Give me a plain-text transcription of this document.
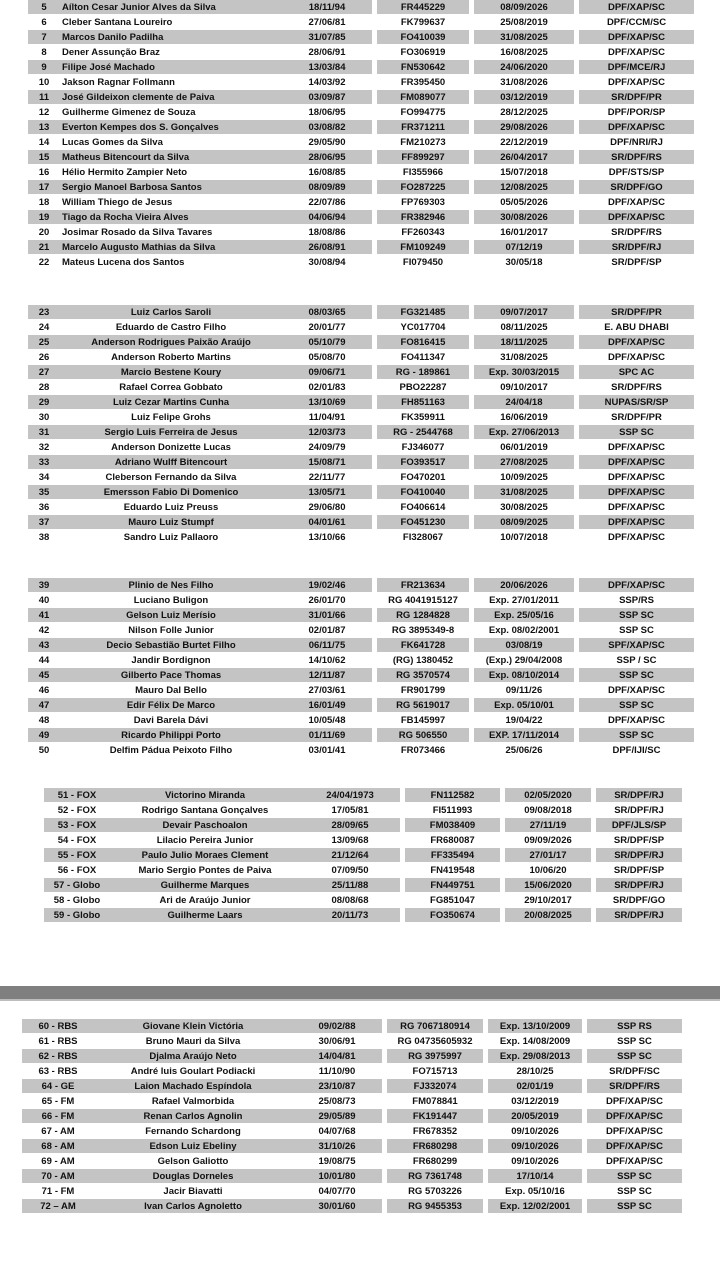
5	Aílton Cesar Junior Alves da Silva	18/11/94		FR445229		08/09/2026		DPF/XAP/SC
6	Cleber Santana Loureiro	27/06/81		FK799637		25/08/2019		DPF/CCM/SC
7	Marcos Danilo Padilha	31/07/85		FO410039		31/08/2025		DPF/XAP/SC
8	Dener Assunção Braz	28/06/91		FO306919		16/08/2025		DPF/XAP/SC
9	Filipe José Machado	13/03/84		FN530642		24/06/2020		DPF/MCE/RJ
10	Jakson Ragnar Follmann	14/03/92		FR395450		31/08/2026		DPF/XAP/SC
11	José Gildeixon clemente de Paiva	03/09/87		FM089077		03/12/2019		SR/DPF/PR
12	Guilherme Gimenez de Souza	18/06/95		FO994775		28/12/2025		DPF/POR/SP
13	Everton Kempes dos S. Gonçalves	03/08/82		FR371211		29/08/2026		DPF/XAP/SC
14	Lucas Gomes da Silva	29/05/90		FM210273		22/12/2019		DPF/NRI/RJ
15	Matheus Bitencourt da Silva	28/06/95		FF899297		26/04/2017		SR/DPF/RS
16	Hélio Hermito Zampier Neto	16/08/85		FI355966		15/07/2018		DPF/STS/SP
17	Sergio Manoel Barbosa Santos	08/09/89		FO287225		12/08/2025		SR/DPF/GO
18	William Thiego de Jesus	22/07/86		FP769303		05/05/2026		DPF/XAP/SC
19	Tiago da Rocha Vieira Alves	04/06/94		FR382946		30/08/2026		DPF/XAP/SC
20	Josimar Rosado da Silva Tavares	18/08/86		FF260343		16/01/2017		SR/DPF/RS
21	Marcelo Augusto Mathias da Silva	26/08/91		FM109249		07/12/19		SR/DPF/RJ
22	Mateus Lucena dos Santos	30/08/94		FI079450		30/05/18		SR/DPF/SP
23	Luiz Carlos Saroli	08/03/65		FG321485		09/07/2017		SR/DPF/PR
24	Eduardo de Castro Filho	20/01/77		YC017704		08/11/2025		E. ABU DHABI
25	Anderson Rodrigues Paixão Araújo	05/10/79		FO816415		18/11/2025		DPF/XAP/SC
26	Anderson Roberto Martins	05/08/70		FO411347		31/08/2025		DPF/XAP/SC
27	Marcio Bestene Koury	09/06/71		RG - 189861		Exp. 30/03/2015		SPC AC
28	Rafael Correa Gobbato	02/01/83		PBO22287		09/10/2017		SR/DPF/RS
29	Luiz Cezar Martins Cunha	13/10/69		FH851163		24/04/18		NUPAS/SR/SP
30	Luiz Felipe Grohs	11/04/91		FK359911		16/06/2019		SR/DPF/PR
31	Sergio Luis Ferreira de Jesus	12/03/73		RG - 2544768		Exp. 27/06/2013		SSP SC
32	Anderson Donizette Lucas	24/09/79		FJ346077		06/01/2019		DPF/XAP/SC
33	Adriano Wulff Bitencourt	15/08/71		FO393517		27/08/2025		DPF/XAP/SC
34	Cleberson Fernando da Silva	22/11/77		FO470201		10/09/2025		DPF/XAP/SC
35	Emersson Fabio Di Domenico	13/05/71		FO410040		31/08/2025		DPF/XAP/SC
36	Eduardo Luiz Preuss	29/06/80		FO406614		30/08/2025		DPF/XAP/SC
37	Mauro Luiz Stumpf	04/01/61		FO451230		08/09/2025		DPF/XAP/SC
38	Sandro Luiz Pallaoro	13/10/66		FI328067		10/07/2018		DPF/XAP/SC
39	Plinio de Nes Filho	19/02/46		FR213634		20/06/2026		DPF/XAP/SC
40	Luciano Buligon	26/01/70		RG 4041915127		Exp. 27/01/2011		SSP/RS
41	Gelson Luiz Merísio	31/01/66		RG 1284828		Exp. 25/05/16		SSP SC
42	Nilson Folle Junior	02/01/87		RG 3895349-8		Exp. 08/02/2001		SSP SC
43	Decio Sebastião Burtet Filho	06/11/75		FK641728		03/08/19		SPF/XAP/SC
44	Jandir Bordignon	14/10/62		(RG) 1380452		(Exp.) 29/04/2008		SSP / SC
45	Gilberto Pace Thomas	12/11/87		RG 3570574		Exp. 08/10/2014		SSP SC
46	Mauro Dal Bello	27/03/61		FR901799		09/11/26		DPF/XAP/SC
47	Edir Félix De Marco	16/01/49		RG 5619017		Exp. 05/10/01		SSP SC
48	Davi Barela Dávi	10/05/48		FB145997		19/04/22		DPF/XAP/SC
49	Ricardo Philippi Porto	01/11/69		RG 506550		EXP. 17/11/2014		SSP SC
50	Delfim Pádua Peixoto Filho	03/01/41		FR073466		25/06/26		DPF/IJI/SC
51 - FOX	Victorino Miranda	24/04/1973		FN112582		02/05/2020		SR/DPF/RJ
52 - FOX	Rodrigo Santana Gonçalves	17/05/81		FI511993		09/08/2018		SR/DPF/RJ
53 - FOX	Devair Paschoalon	28/09/65		FM038409		27/11/19		DPF/JLS/SP
54 - FOX	Lilacio Pereira Junior	13/09/68		FR680087		09/09/2026		SR/DPF/SP
55 - FOX	Paulo Julio Moraes Clement	21/12/64		FF335494		27/01/17		SR/DPF/RJ
56 - FOX	Mario Sergio Pontes de Paiva	07/09/50		FN419548		10/06/20		SR/DPF/SP
57 - Globo	Guilherme Marques	25/11/88		FN449751		15/06/2020		SR/DPF/RJ
58 - Globo	Ari de Araújo Junior	08/08/68		FG851047		29/10/2017		SR/DPF/GO
59 - Globo	Guilherme Laars	20/11/73		FO350674		20/08/2025		SR/DPF/RJ
60 - RBS	Giovane Klein Victória	09/02/88		RG 7067180914		Exp. 13/10/2009		SSP RS
61 - RBS	Bruno Mauri da Silva	30/06/91		RG 04735605932		Exp. 14/08/2009		SSP SC
62 - RBS	Djalma Araújo Neto	14/04/81		RG 3975997		Exp. 29/08/2013		SSP SC
63 - RBS	André luis Goulart Podiacki	11/10/90		FO715713		28/10/25		SR/DPF/SC
64 - GE	Laion Machado Espíndola	23/10/87		FJ332074		02/01/19		SR/DPF/RS
65 - FM	Rafael Valmorbida	25/08/73		FM078841		03/12/2019		DPF/XAP/SC
66 - FM	Renan Carlos Agnolin	29/05/89		FK191447		20/05/2019		DPF/XAP/SC
67 - AM	Fernando Schardong	04/07/68		FR678352		09/10/2026		DPF/XAP/SC
68 - AM	Edson Luiz Ebeliny	31/10/26		FR680298		09/10/2026		DPF/XAP/SC
69 - AM	Gelson Galiotto	19/08/75		FR680299		09/10/2026		DPF/XAP/SC
70 - AM	Douglas Dorneles	10/01/80		RG 7361748		17/10/14		SSP SC
71 - FM	Jacir Biavatti	04/07/70		RG 5703226		Exp. 05/10/16		SSP SC
72 – AM	Ivan Carlos Agnoletto	30/01/60		RG 9455353		Exp. 12/02/2001		SSP SC
